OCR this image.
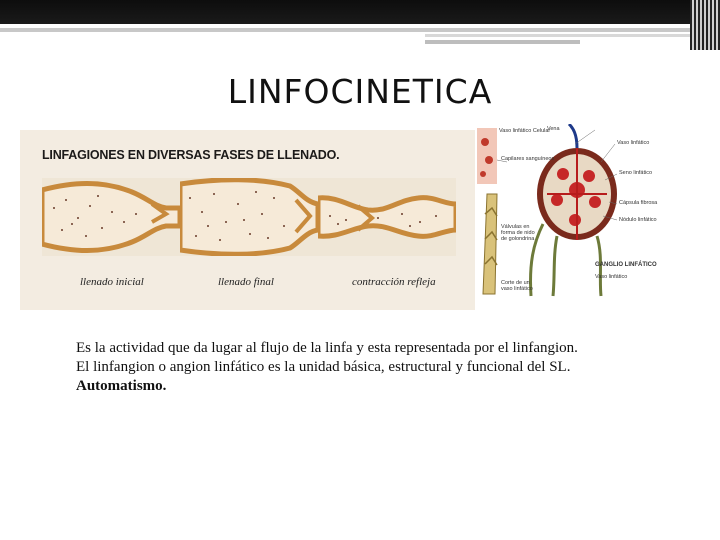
LINFOCINETICA
LINFAGIONES EN DIVERSAS FASES DE LLENADO.
llenado inicial	llenado final	contracción refleja
Vaso linfático Celular
Vena
Vaso linfático
Capilares sanguíneos
Seno linfático
Cápsula fibrosa
Nódulo linfático
Válvulas en forma de nido de golondrina
GANGLIO LINFÁTICO
Vaso linfático
Corte de un vaso linfático

Es la actividad que da lugar al flujo de la linfa y esta representada por el linfangion.

El linfangion o angion linfático es la unidad básica, estructural y funcional del SL.

Automatismo.
